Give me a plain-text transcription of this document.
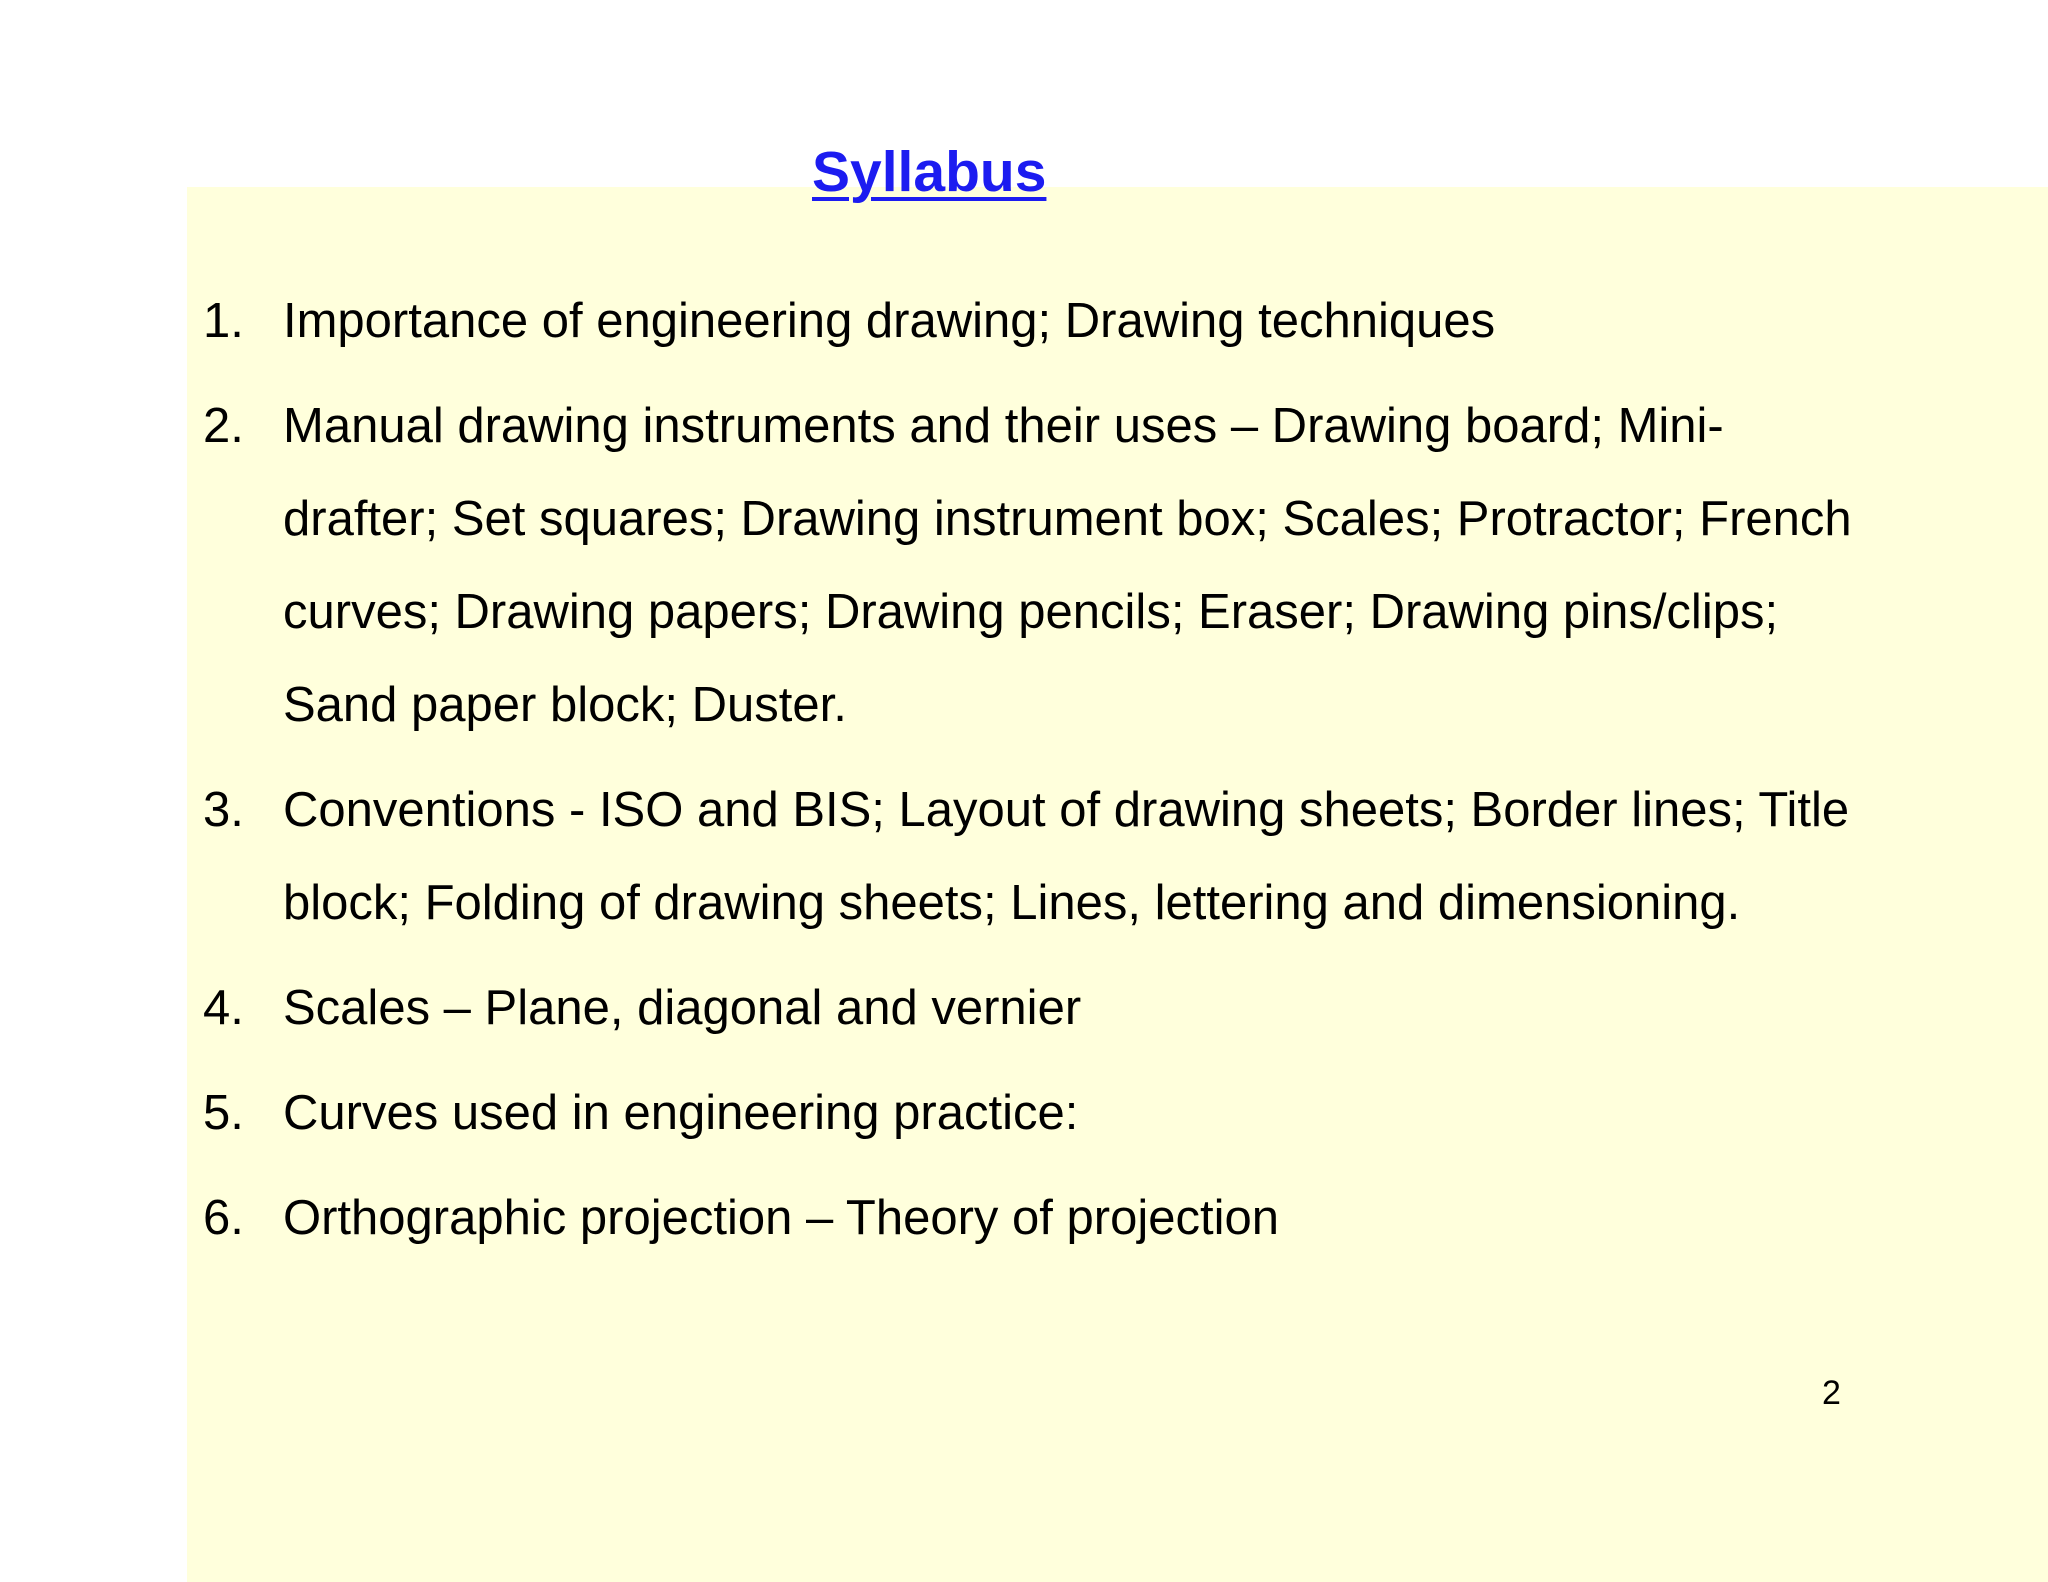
Syllabus
1. Importance of engineering drawing; Drawing techniques
2. Manual drawing instruments and their uses – Drawing board; Mini-drafter; Set squares; Drawing instrument box; Scales; Protractor; French curves; Drawing papers; Drawing pencils; Eraser; Drawing pins/clips; Sand paper block; Duster.
3. Conventions - ISO and BIS; Layout of drawing sheets; Border lines; Title block; Folding of drawing sheets; Lines, lettering and dimensioning.
4. Scales – Plane, diagonal and vernier
5. Curves used in engineering practice:
6. Orthographic projection – Theory of projection
2
